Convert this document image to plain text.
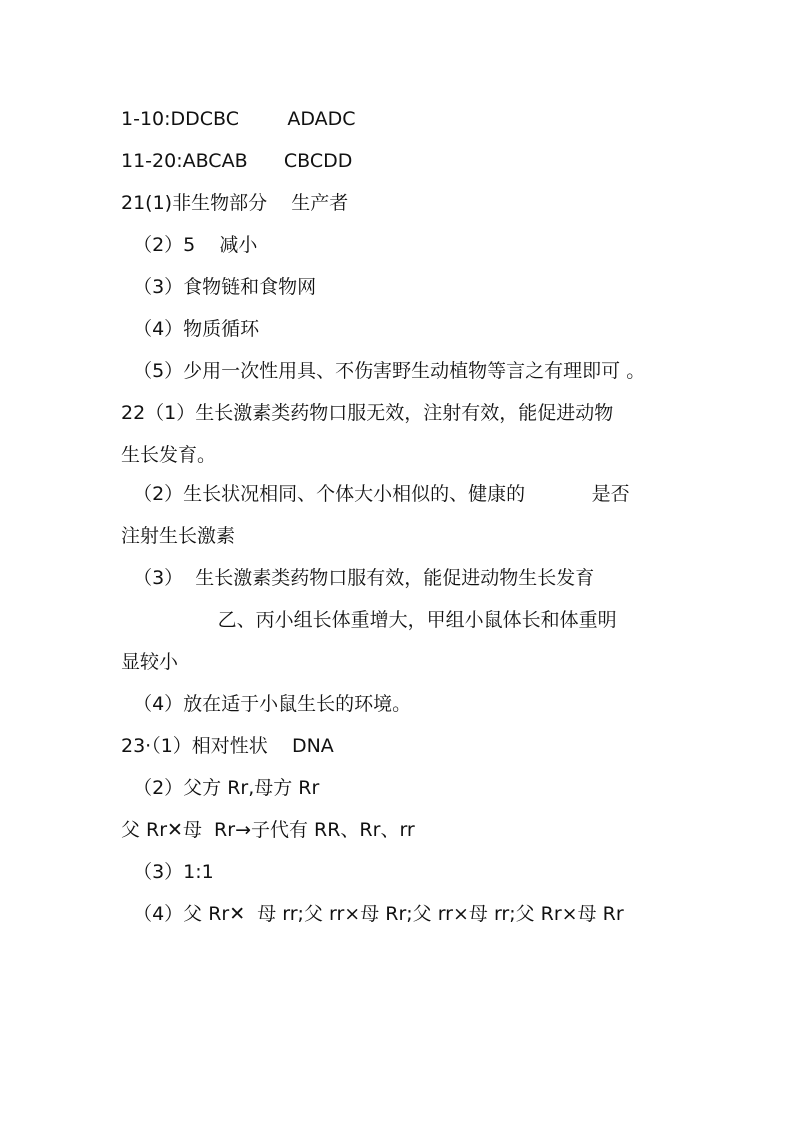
1-10:DDCBC        ADADC
11-20:ABCAB      CBCDD
21(1)非生物部分    生产者
（2）5    减小
（3）食物链和食物网
（4）物质循环
（5）少用一次性用具、不伤害野生动植物等言之有理即可 。
22（1）生长激素类药物口服无效，注射有效，能促进动物
生长发育。
（2）生长状况相同、个体大小相似的、健康的           是否
注射生长激素
（3）  生长激素类药物口服有效，能促进动物生长发育
乙、丙小组长体重增大，甲组小鼠体长和体重明
显较小
（4）放在适于小鼠生长的环境。
23·（1）相对性状    DNA
（2）父方 Rr,母方 Rr
父 Rr✕母  Rr→子代有 RR、Rr、rr
（3）1:1
（4）父 Rr✕  母 rr;父 rr×母 Rr;父 rr×母 rr;父 Rr×母 Rr
